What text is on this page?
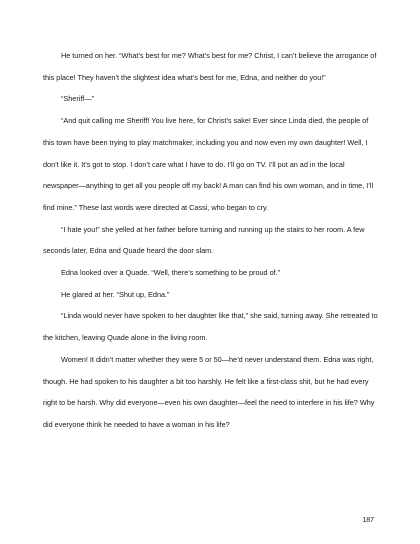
He turned on her. “What’s best for me? What’s best for me? Christ, I can’t believe the arrogance of this place! They haven’t the slightest idea what’s best for me, Edna, and neither do you!”

“Sheriff—”

“And quit calling me Sheriff! You live here, for Christ’s sake! Ever since Linda died, the people of this town have been trying to play matchmaker, including you and now even my own daughter! Well, I don’t like it. It’s got to stop. I don’t care what I have to do. I’ll go on TV. I’ll put an ad in the local newspaper—anything to get all you people off my back! A man can find his own woman, and in time, I’ll find mine.” These last words were directed at Cassi, who began to cry.

“I hate you!” she yelled at her father before turning and running up the stairs to her room. A few seconds later, Edna and Quade heard the door slam.

Edna looked over a Quade. “Well, there’s something to be proud of.”

He glared at her. “Shut up, Edna.”

“Linda would never have spoken to her daughter like that,” she said, turning away. She retreated to the kitchen, leaving Quade alone in the living room.

Women! It didn’t matter whether they were 5 or 50—he’d never understand them. Edna was right, though. He had spoken to his daughter a bit too harshly. He felt like a first-class shit, but he had every right to be harsh. Why did everyone—even his own daughter—feel the need to interfere in his life? Why did everyone think he needed to have a woman in his life?

187
